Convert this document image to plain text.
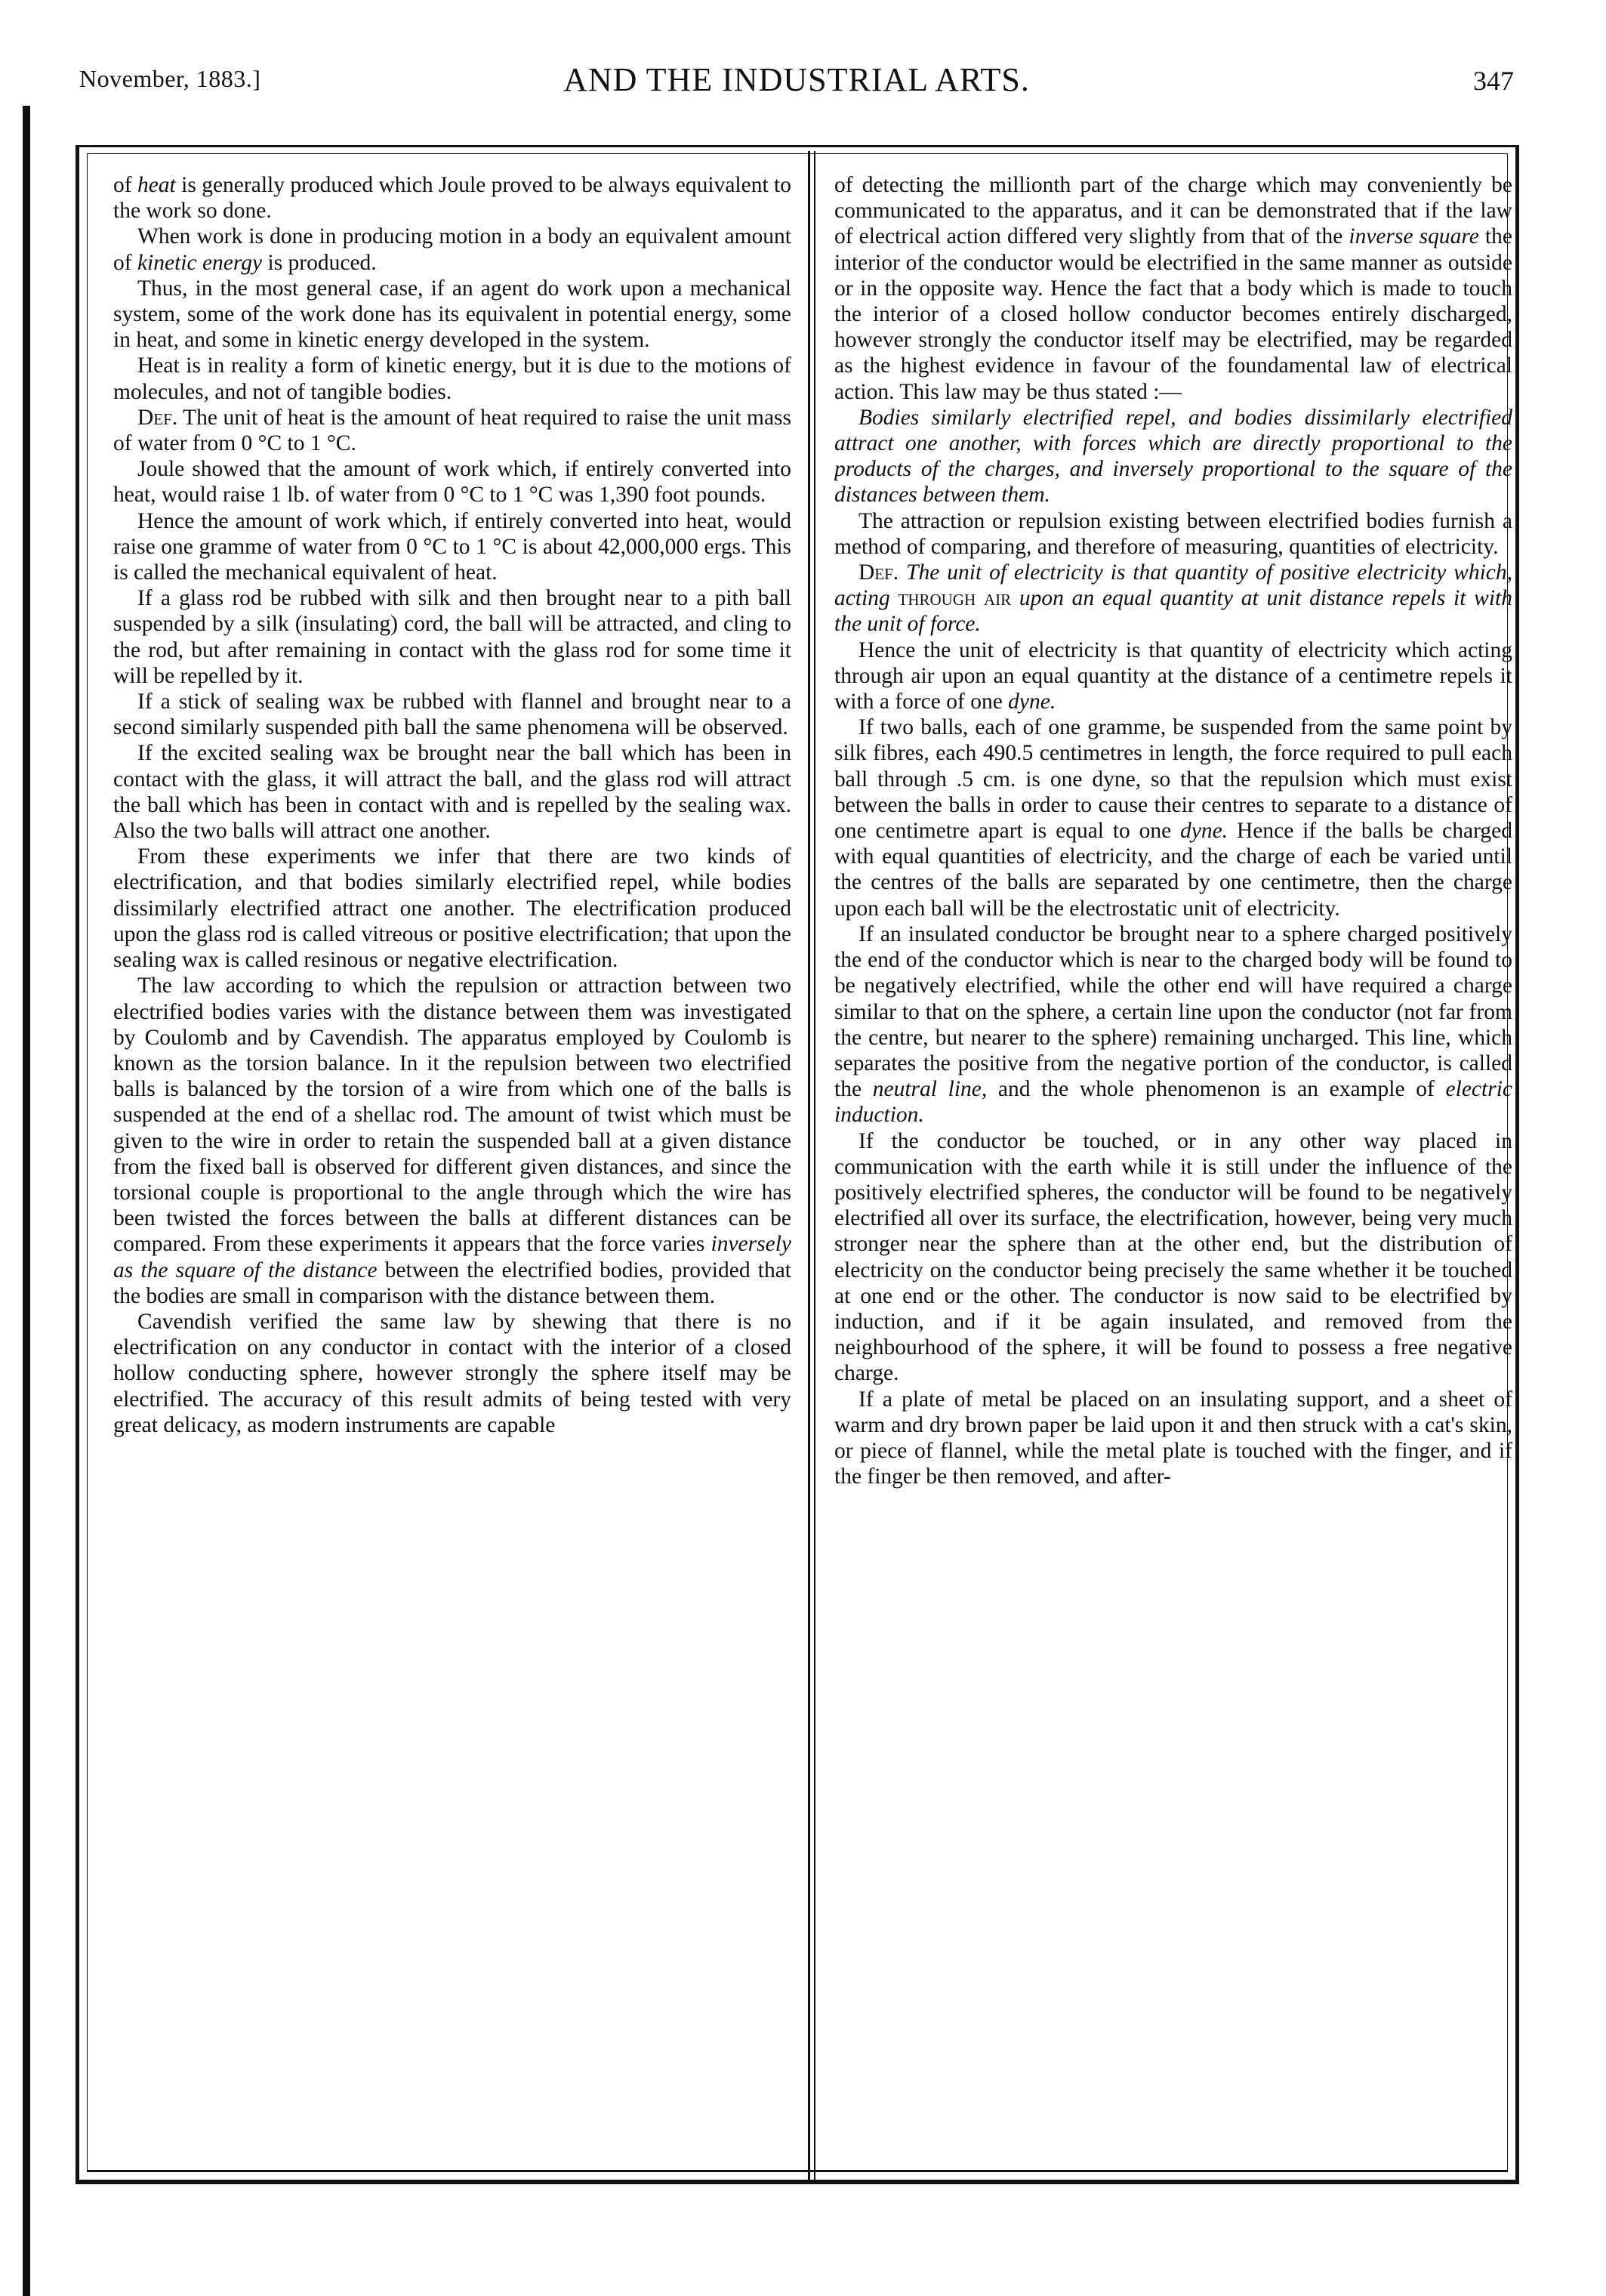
November, 1883.]	AND THE INDUSTRIAL ARTS.	347

of heat is generally produced which Joule proved to be always equivalent to the work so done.

When work is done in producing motion in a body an equivalent amount of kinetic energy is produced.

Thus, in the most general case, if an agent do work upon a mechanical system, some of the work done has its equivalent in potential energy, some in heat, and some in kinetic energy developed in the system.

Heat is in reality a form of kinetic energy, but it is due to the motions of molecules, and not of tangible bodies.

Def. The unit of heat is the amount of heat required to raise the unit mass of water from 0 °C to 1 °C.

Joule showed that the amount of work which, if entirely converted into heat, would raise 1 lb. of water from 0 °C to 1 °C was 1,390 foot pounds.

Hence the amount of work which, if entirely converted into heat, would raise one gramme of water from 0 °C to 1 °C is about 42,000,000 ergs. This is called the mechanical equivalent of heat.

If a glass rod be rubbed with silk and then brought near to a pith ball suspended by a silk (insulating) cord, the ball will be attracted, and cling to the rod, but after remaining in contact with the glass rod for some time it will be repelled by it.

If a stick of sealing wax be rubbed with flannel and brought near to a second similarly suspended pith ball the same phenomena will be observed.

If the excited sealing wax be brought near the ball which has been in contact with the glass, it will attract the ball, and the glass rod will attract the ball which has been in contact with and is repelled by the sealing wax. Also the two balls will attract one another.

From these experiments we infer that there are two kinds of electrification, and that bodies similarly electrified repel, while bodies dissimilarly electrified attract one another. The electrification produced upon the glass rod is called vitreous or positive electrification; that upon the sealing wax is called resinous or negative electrification.

The law according to which the repulsion or attraction between two electrified bodies varies with the distance between them was investigated by Coulomb and by Cavendish. The apparatus employed by Coulomb is known as the torsion balance. In it the repulsion between two electrified balls is balanced by the torsion of a wire from which one of the balls is suspended at the end of a shellac rod. The amount of twist which must be given to the wire in order to retain the suspended ball at a given distance from the fixed ball is observed for different given distances, and since the torsional couple is proportional to the angle through which the wire has been twisted the forces between the balls at different distances can be compared. From these experiments it appears that the force varies inversely as the square of the distance between the electrified bodies, provided that the bodies are small in comparison with the distance between them.

Cavendish verified the same law by shewing that there is no electrification on any conductor in contact with the interior of a closed hollow conducting sphere, however strongly the sphere itself may be electrified. The accuracy of this result admits of being tested with very great delicacy, as modern instruments are capable

of detecting the millionth part of the charge which may conveniently be communicated to the apparatus, and it can be demonstrated that if the law of electrical action differed very slightly from that of the inverse square the interior of the conductor would be electrified in the same manner as outside or in the opposite way. Hence the fact that a body which is made to touch the interior of a closed hollow conductor becomes entirely discharged, however strongly the conductor itself may be electrified, may be regarded as the highest evidence in favour of the foundamental law of electrical action. This law may be thus stated :—

Bodies similarly electrified repel, and bodies dissimilarly electrified attract one another, with forces which are directly proportional to the products of the charges, and inversely proportional to the square of the distances between them.

The attraction or repulsion existing between electrified bodies furnish a method of comparing, and therefore of measuring, quantities of electricity.

Def. The unit of electricity is that quantity of positive electricity which, acting through air upon an equal quantity at unit distance repels it with the unit of force.

Hence the unit of electricity is that quantity of electricity which acting through air upon an equal quantity at the distance of a centimetre repels it with a force of one dyne.

If two balls, each of one gramme, be suspended from the same point by silk fibres, each 490.5 centimetres in length, the force required to pull each ball through .5 cm. is one dyne, so that the repulsion which must exist between the balls in order to cause their centres to separate to a distance of one centimetre apart is equal to one dyne. Hence if the balls be charged with equal quantities of electricity, and the charge of each be varied until the centres of the balls are separated by one centimetre, then the charge upon each ball will be the electrostatic unit of electricity.

If an insulated conductor be brought near to a sphere charged positively the end of the conductor which is near to the charged body will be found to be negatively electrified, while the other end will have required a charge similar to that on the sphere, a certain line upon the conductor (not far from the centre, but nearer to the sphere) remaining uncharged. This line, which separates the positive from the negative portion of the conductor, is called the neutral line, and the whole phenomenon is an example of electric induction.

If the conductor be touched, or in any other way placed in communication with the earth while it is still under the influence of the positively electrified spheres, the conductor will be found to be negatively electrified all over its surface, the electrification, however, being very much stronger near the sphere than at the other end, but the distribution of electricity on the conductor being precisely the same whether it be touched at one end or the other. The conductor is now said to be electrified by induction, and if it be again insulated, and removed from the neighbourhood of the sphere, it will be found to possess a free negative charge.

If a plate of metal be placed on an insulating support, and a sheet of warm and dry brown paper be laid upon it and then struck with a cat's skin, or piece of flannel, while the metal plate is touched with the finger, and if the finger be then removed, and after-
